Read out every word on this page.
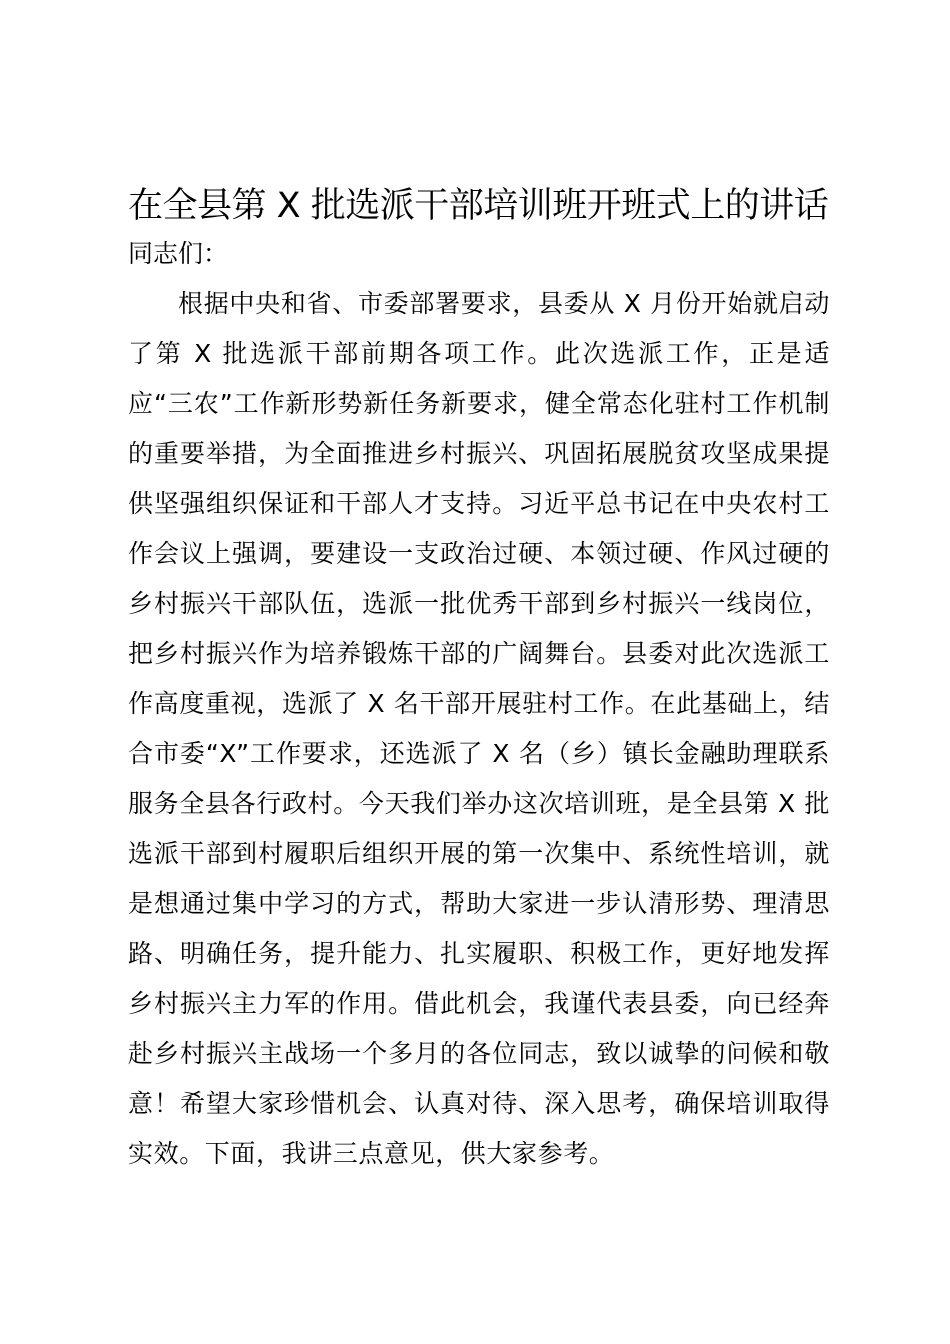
在全县第 X 批选派干部培训班开班式上的讲话

同志们：

根据中央和省、市委部署要求，县委从 X 月份开始就启动了第 X 批选派干部前期各项工作。此次选派工作，正是适应“三农”工作新形势新任务新要求，健全常态化驻村工作机制的重要举措，为全面推进乡村振兴、巩固拓展脱贫攻坚成果提供坚强组织保证和干部人才支持。习近平总书记在中央农村工作会议上强调，要建设一支政治过硬、本领过硬、作风过硬的乡村振兴干部队伍，选派一批优秀干部到乡村振兴一线岗位，把乡村振兴作为培养锻炼干部的广阔舞台。县委对此次选派工作高度重视，选派了 X 名干部开展驻村工作。在此基础上，结合市委“X”工作要求，还选派了 X 名（乡）镇长金融助理联系服务全县各行政村。今天我们举办这次培训班，是全县第 X 批选派干部到村履职后组织开展的第一次集中、系统性培训，就是想通过集中学习的方式，帮助大家进一步认清形势、理清思路、明确任务，提升能力、扎实履职、积极工作，更好地发挥乡村振兴主力军的作用。借此机会，我谨代表县委，向已经奔赴乡村振兴主战场一个多月的各位同志，致以诚挚的问候和敬意！希望大家珍惜机会、认真对待、深入思考，确保培训取得实效。下面，我讲三点意见，供大家参考。
